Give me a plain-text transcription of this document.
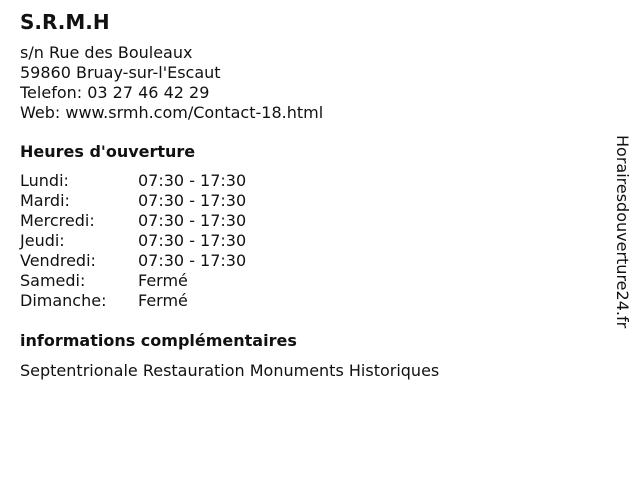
S.R.M.H
s/n Rue des Bouleaux
59860 Bruay-sur-l'Escaut
Telefon: 03 27 46 42 29
Web: www.srmh.com/Contact-18.html
Heures d'ouverture
Lundi:	07:30 - 17:30
Mardi:	07:30 - 17:30
Mercredi:	07:30 - 17:30
Jeudi:	07:30 - 17:30
Vendredi:	07:30 - 17:30
Samedi:	Fermé
Dimanche:	Fermé
informations complémentaires
Septentrionale Restauration Monuments Historiques
Horairesdouverture24.fr
